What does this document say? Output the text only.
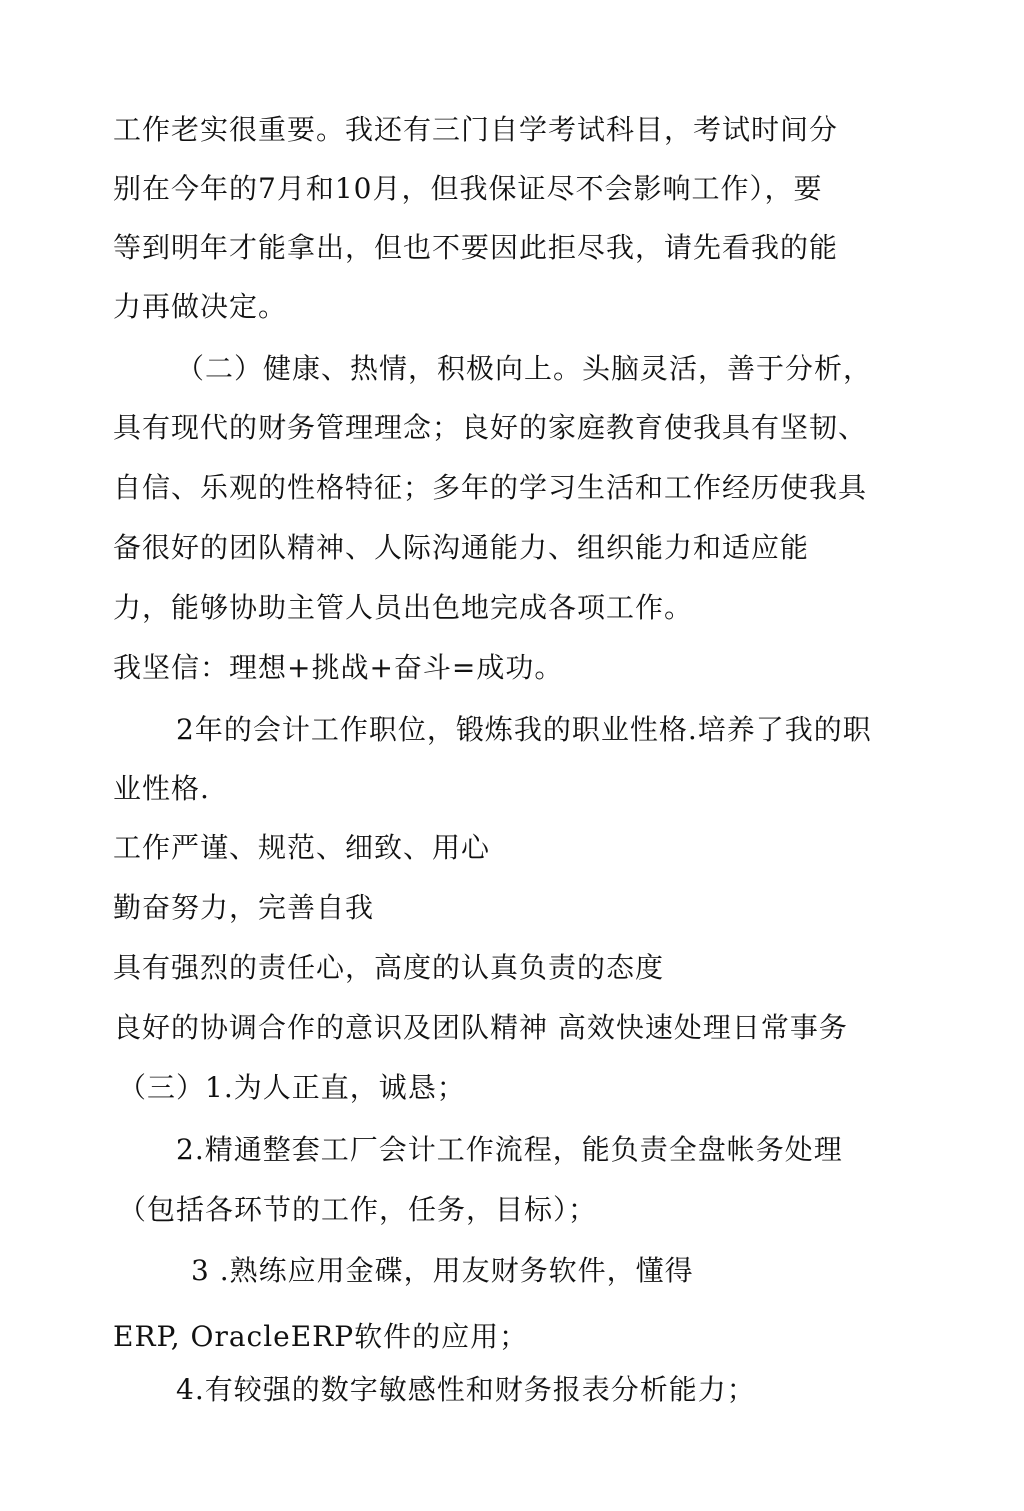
工作老实很重要。我还有三门自学考试科目，考试时间分
别在今年的7月和10月，但我保证尽不会影响工作），要
等到明年才能拿出，但也不要因此拒尽我，请先看我的能
力再做决定。
（二）健康、热情，积极向上。头脑灵活，善于分析，
具有现代的财务管理理念；良好的家庭教育使我具有坚韧、
自信、乐观的性格特征；多年的学习生活和工作经历使我具
备很好的团队精神、人际沟通能力、组织能力和适应能
力，能够协助主管人员出色地完成各项工作。
我坚信：理想+挑战+奋斗=成功。
2年的会计工作职位，锻炼我的职业性格.培养了我的职
业性格.
工作严谨、规范、细致、用心
勤奋努力，完善自我
具有强烈的责任心，高度的认真负责的态度
良好的协调合作的意识及团队精神 高效快速处理日常事务
（三）1.为人正直，诚恳；
2.精通整套工厂会计工作流程，能负责全盘帐务处理
（包括各环节的工作，任务，目标）；
3 .熟练应用金碟，用友财务软件，懂得
ERP, OracleERP软件的应用；
4.有较强的数字敏感性和财务报表分析能力；
